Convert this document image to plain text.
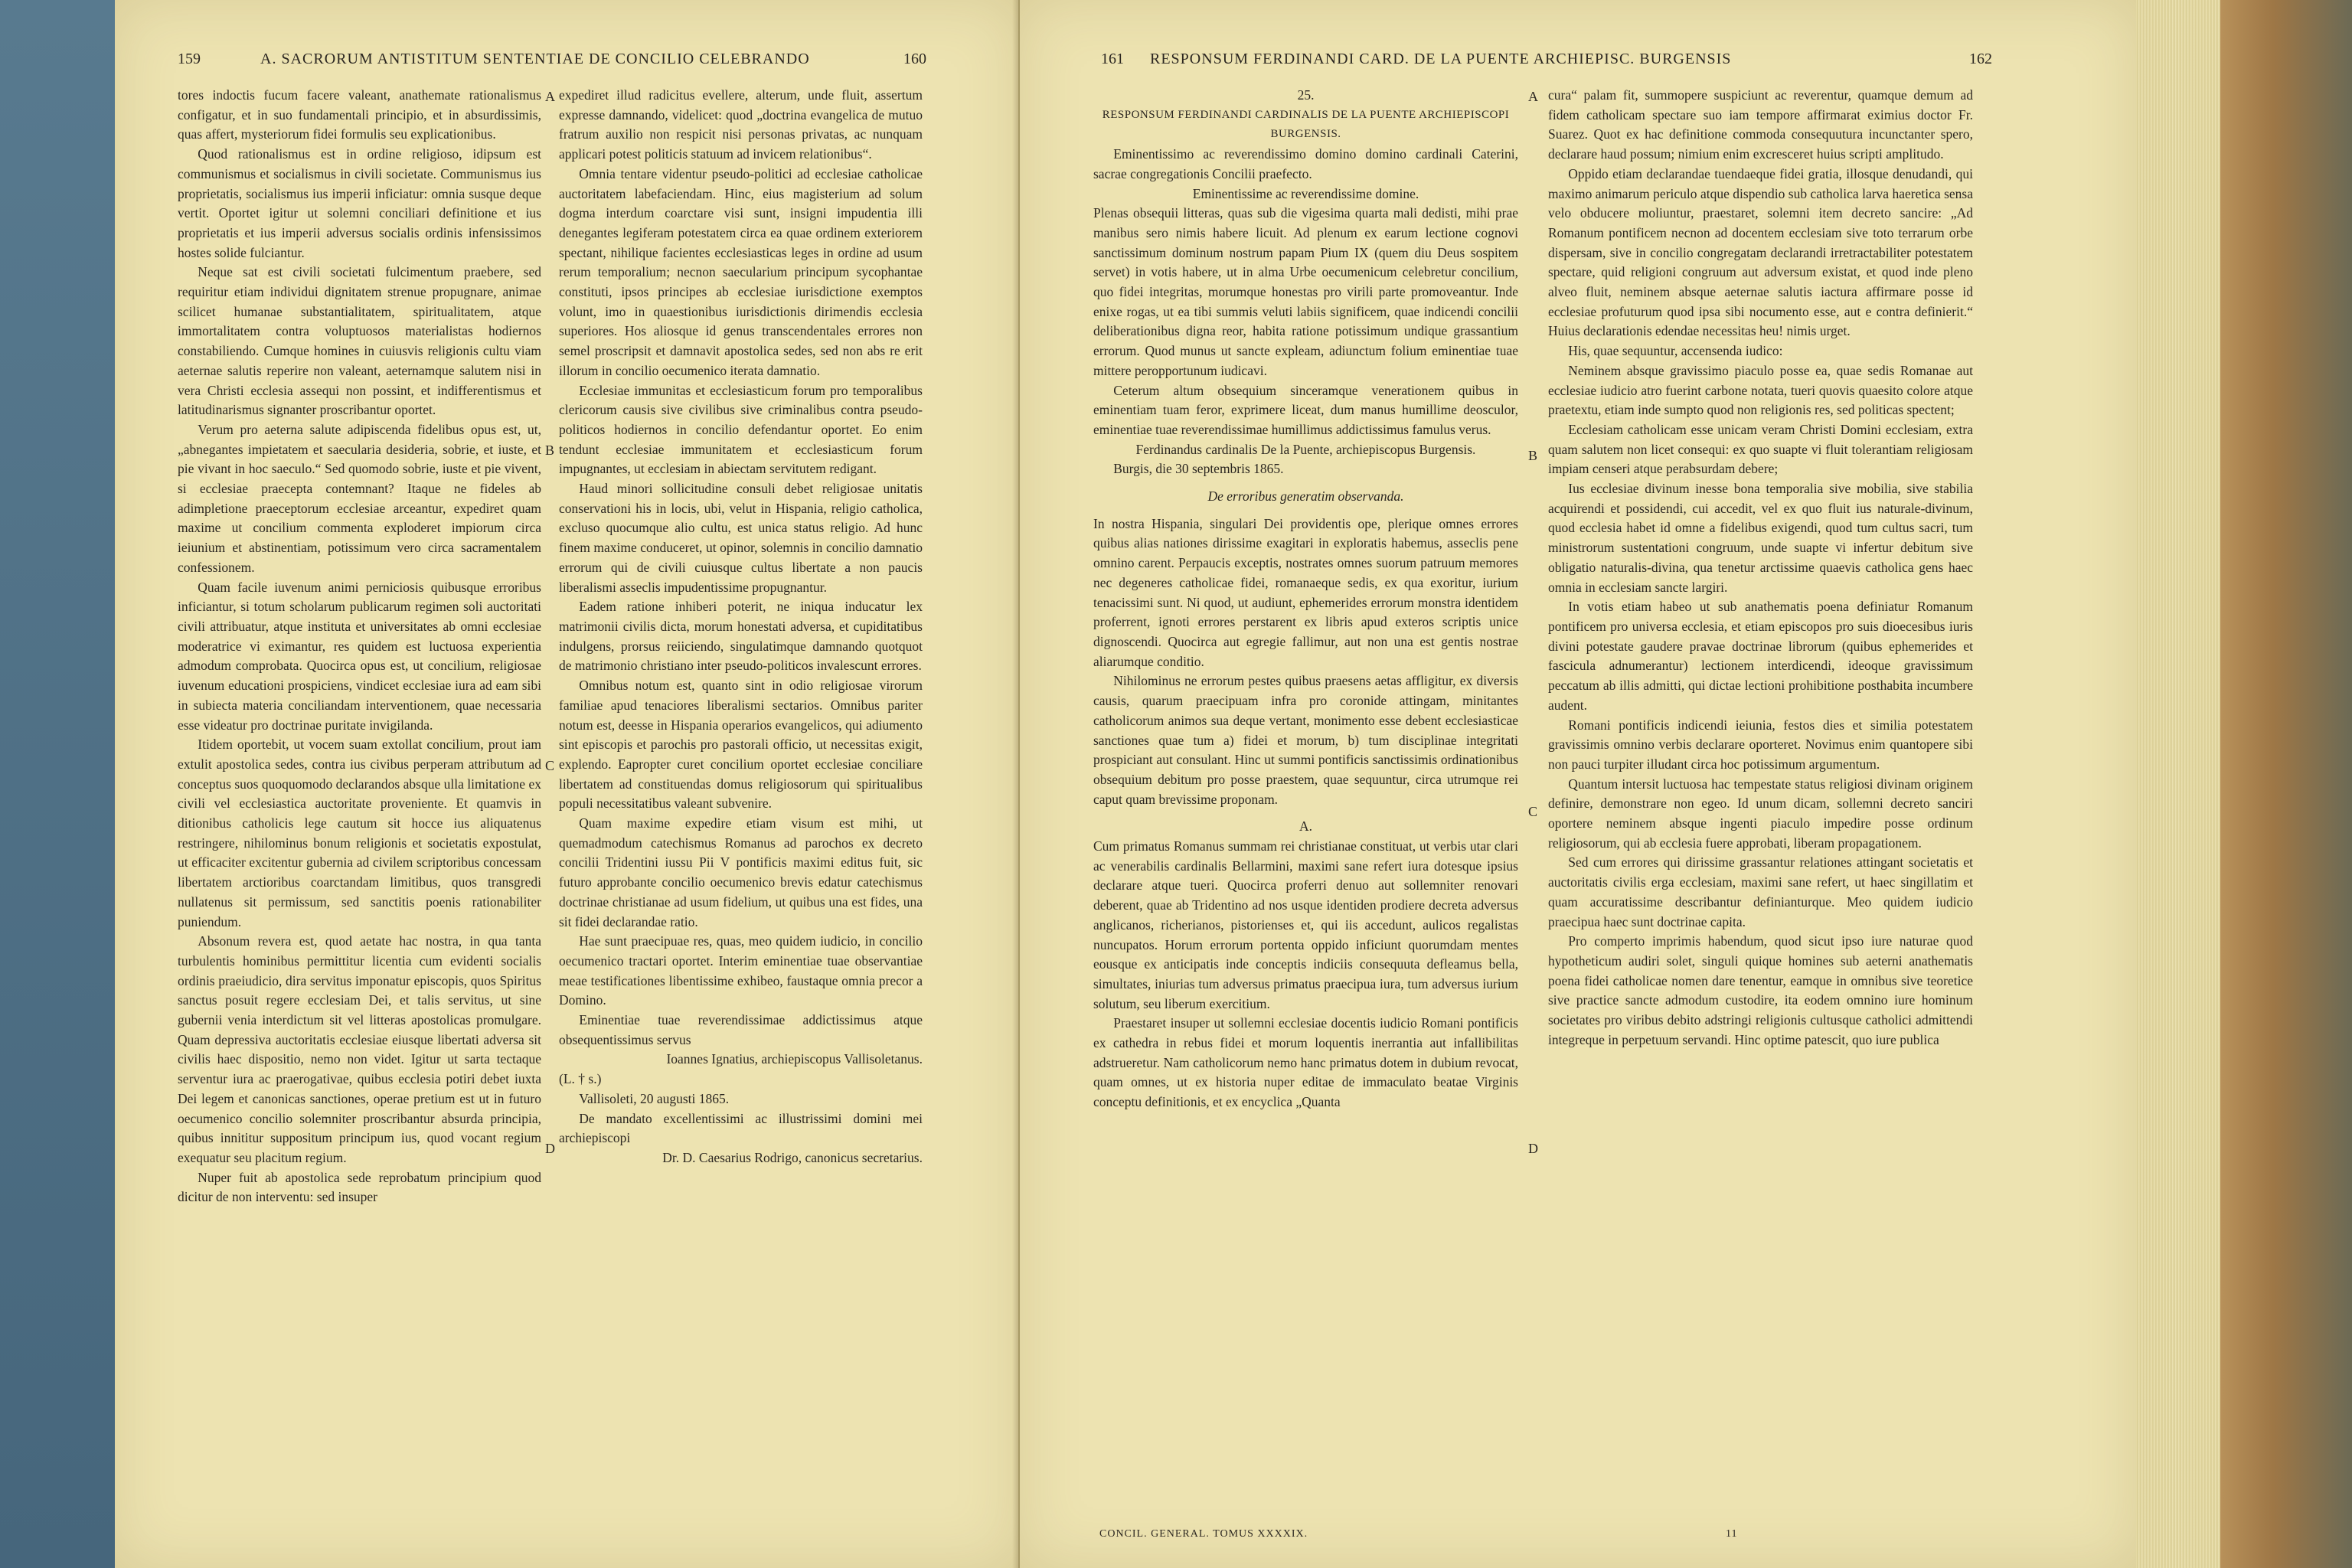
159	A. SACRORUM ANTISTITUM SENTENTIAE DE CONCILIO CELEBRANDO	160

tores indoctis fucum facere valeant, anathemate rationalismus configatur, et in suo fundamentali principio, et in absurdissimis, quas affert, mysteriorum fidei formulis seu explicationibus.

Quod rationalismus est in ordine religioso, idipsum est communismus et socialismus in civili societate. Communismus ius proprietatis, socialismus ius imperii inficiatur: omnia susque deque vertit. Oportet igitur ut solemni conciliari definitione et ius proprietatis et ius imperii adversus socialis ordinis infensissimos hostes solide fulciantur.

Neque sat est civili societati fulcimentum praebere, sed requiritur etiam individui dignitatem strenue propugnare, animae scilicet humanae substantialitatem, spiritualitatem, atque immortalitatem contra voluptuosos materialistas hodiernos constabiliendo. Cumque homines in cuiusvis religionis cultu viam aeternae salutis reperire non valeant, aeternamque salutem nisi in vera Christi ecclesia assequi non possint, et indifferentismus et latitudinarismus signanter proscribantur oportet.

Verum pro aeterna salute adipiscenda fidelibus opus est, ut, „abnegantes impietatem et saecularia desideria, sobrie, et iuste, et pie vivant in hoc saeculo.“ Sed quomodo sobrie, iuste et pie vivent, si ecclesiae praecepta contemnant? Itaque ne fideles ab adimpletione praeceptorum ecclesiae arceantur, expediret quam maxime ut concilium commenta exploderet impiorum circa ieiunium et abstinentiam, potissimum vero circa sacramentalem confessionem.

Quam facile iuvenum animi perniciosis quibusque erroribus inficiantur, si totum scholarum publicarum regimen soli auctoritati civili attribuatur, atque instituta et universitates ab omni ecclesiae moderatrice vi eximantur, res quidem est luctuosa experientia admodum comprobata. Quocirca opus est, ut concilium, religiosae iuvenum educationi prospiciens, vindicet ecclesiae iura ad eam sibi in subiecta materia conciliandam interventionem, quae necessaria esse videatur pro doctrinae puritate invigilanda.

Itidem oportebit, ut vocem suam extollat concilium, prout iam extulit apostolica sedes, contra ius civibus perperam attributum ad conceptus suos quoquomodo declarandos absque ulla limitatione ex civili vel ecclesiastica auctoritate proveniente. Et quamvis in ditionibus catholicis lege cautum sit hocce ius aliquatenus restringere, nihilominus bonum religionis et societatis expostulat, ut efficaciter excitentur gubernia ad civilem scriptoribus concessam libertatem arctioribus coarctandam limitibus, quos transgredi nullatenus sit permissum, sed sanctitis poenis rationabiliter puniendum.

Absonum revera est, quod aetate hac nostra, in qua tanta turbulentis hominibus permittitur licentia cum evidenti socialis ordinis praeiudicio, dira servitus imponatur episcopis, quos Spiritus sanctus posuit regere ecclesiam Dei, et talis servitus, ut sine gubernii venia interdictum sit vel litteras apostolicas promulgare. Quam depressiva auctoritatis ecclesiae eiusque libertati adversa sit civilis haec dispositio, nemo non videt. Igitur ut sarta tectaque serventur iura ac praerogativae, quibus ecclesia potiri debet iuxta Dei legem et canonicas sanctiones, operae pretium est ut in futuro oecumenico concilio solemniter proscribantur absurda principia, quibus innititur suppositum principum ius, quod vocant regium exequatur seu placitum regium.

Nuper fuit ab apostolica sede reprobatum principium quod dicitur de non interventu: sed insuper

A
B
C
D

expediret illud radicitus evellere, alterum, unde fluit, assertum expresse damnando, videlicet: quod „doctrina evangelica de mutuo fratrum auxilio non respicit nisi personas privatas, ac nunquam applicari potest politicis statuum ad invicem relationibus“.

Omnia tentare videntur pseudo-politici ad ecclesiae catholicae auctoritatem labefaciendam. Hinc, eius magisterium ad solum dogma interdum coarctare visi sunt, insigni impudentia illi denegantes legiferam potestatem circa ea quae ordinem exteriorem spectant, nihilique facientes ecclesiasticas leges in ordine ad usum rerum temporalium; necnon saecularium principum sycophantae constituti, ipsos principes ab ecclesiae iurisdictione exemptos volunt, imo in quaestionibus iurisdictionis dirimendis ecclesia superiores. Hos aliosque id genus transcendentales errores non semel proscripsit et damnavit apostolica sedes, sed non abs re erit illorum in concilio oecumenico iterata damnatio.

Ecclesiae immunitas et ecclesiasticum forum pro temporalibus clericorum causis sive civilibus sive criminalibus contra pseudo-politicos hodiernos in concilio defendantur oportet. Eo enim tendunt ecclesiae immunitatem et ecclesiasticum forum impugnantes, ut ecclesiam in abiectam servitutem redigant.

Haud minori sollicitudine consuli debet religiosae unitatis conservationi his in locis, ubi, velut in Hispania, religio catholica, excluso quocumque alio cultu, est unica status religio. Ad hunc finem maxime conduceret, ut opinor, solemnis in concilio damnatio errorum qui de civili cuiusque cultus libertate a non paucis liberalismi asseclis impudentissime propugnantur.

Eadem ratione inhiberi poterit, ne iniqua inducatur lex matrimonii civilis dicta, morum honestati adversa, et cupiditatibus indulgens, prorsus reiiciendo, singulatimque damnando quotquot de matrimonio christiano inter pseudo-politicos invalescunt errores.

Omnibus notum est, quanto sint in odio religiosae virorum familiae apud tenaciores liberalismi sectarios. Omnibus pariter notum est, deesse in Hispania operarios evangelicos, qui adiumento sint episcopis et parochis pro pastorali officio, ut necessitas exigit, explendo. Eapropter curet concilium oportet ecclesiae conciliare libertatem ad constituendas domus religiosorum qui spiritualibus populi necessitatibus valeant subvenire.

Quam maxime expedire etiam visum est mihi, ut quemadmodum catechismus Romanus ad parochos ex decreto concilii Tridentini iussu Pii V pontificis maximi editus fuit, sic futuro approbante concilio oecumenico brevis edatur catechismus doctrinae christianae ad usum fidelium, ut quibus una est fides, una sit fidei declarandae ratio.

Hae sunt praecipuae res, quas, meo quidem iudicio, in concilio oecumenico tractari oportet. Interim eminentiae tuae observantiae meae testificationes libentissime exhibeo, faustaque omnia precor a Domino.

Eminentiae tuae reverendissimae addictissimus atque obsequentissimus servus

Ioannes Ignatius, archiepiscopus Vallisoletanus.

(L. † s.)

Vallisoleti, 20 augusti 1865.

De mandato excellentissimi ac illustrissimi domini mei archiepiscopi

Dr. D. Caesarius Rodrigo, canonicus secretarius.

161 RESPONSUM FERDINANDI CARD. DE LA PUENTE ARCHIEPISC. BURGENSIS	162

25.

RESPONSUM FERDINANDI CARDINALIS DE LA PUENTE ARCHIEPISCOPI BURGENSIS.

Eminentissimo ac reverendissimo domino domino cardinali Caterini, sacrae congregationis Concilii praefecto.

Eminentissime ac reverendissime domine.

Plenas obsequii litteras, quas sub die vigesima quarta mali dedisti, mihi prae manibus sero nimis habere licuit. Ad plenum ex earum lectione cognovi sanctissimum dominum nostrum papam Pium IX (quem diu Deus sospitem servet) in votis habere, ut in alma Urbe oecumenicum celebretur concilium, quo fidei integritas, morumque honestas pro virili parte promoveantur. Inde enixe rogas, ut ea tibi summis veluti labiis significem, quae indicendi concilii deliberationibus digna reor, habita ratione potissimum undique grassantium errorum. Quod munus ut sancte expleam, adiunctum folium eminentiae tuae mittere peropportunum iudicavi.

Ceterum altum obsequium sinceramque venerationem quibus in eminentiam tuam feror, exprimere liceat, dum manus humillime deosculor, eminentiae tuae reverendissimae humillimus addictissimus famulus verus.

Ferdinandus cardinalis De la Puente, archiepiscopus Burgensis.

Burgis, die 30 septembris 1865.

De erroribus generatim observanda.

In nostra Hispania, singulari Dei providentis ope, plerique omnes errores quibus alias nationes dirissime exagitari in exploratis habemus, asseclis pene omnino carent. Perpaucis exceptis, nostrates omnes suorum patruum memores nec degeneres catholicae fidei, romanaeque sedis, ex qua exoritur, iurium tenacissimi sunt. Ni quod, ut audiunt, ephemerides errorum monstra identidem proferrent, ignoti errores perstarent ex libris apud exteros scriptis unice dignoscendi. Quocirca aut egregie fallimur, aut non una est gentis nostrae aliarumque conditio.

Nihilominus ne errorum pestes quibus praesens aetas affligitur, ex diversis causis, quarum praecipuam infra pro coronide attingam, minitantes catholicorum animos sua deque vertant, monimento esse debent ecclesiasticae sanctiones quae tum a) fidei et morum, b) tum disciplinae integritati prospiciant aut consulant. Hinc ut summi pontificis sanctissimis ordinationibus obsequium debitum pro posse praestem, quae sequuntur, circa utrumque rei caput quam brevissime proponam.

A.

Cum primatus Romanus summam rei christianae constituat, ut verbis utar clari ac venerabilis cardinalis Bellarmini, maximi sane refert iura dotesque ipsius declarare atque tueri. Quocirca proferri denuo aut sollemniter renovari deberent, quae ab Tridentino ad nos usque identiden prodiere decreta adversus anglicanos, richerianos, pistorienses et, qui iis accedunt, aulicos regalistas nuncupatos. Horum errorum portenta oppido inficiunt quorumdam mentes eousque ex anticipatis inde conceptis indiciis consequuta defleamus bella, simultates, iniurias tum adversus primatus praecipua iura, tum adversus iurium solutum, seu liberum exercitium.

Praestaret insuper ut sollemni ecclesiae docentis iudicio Romani pontificis ex cathedra in rebus fidei et morum loquentis inerrantia aut infallibilitas adstrueretur. Nam catholicorum nemo hanc primatus dotem in dubium revocat, quam omnes, ut ex historia nuper editae de immaculato beatae Virginis conceptu definitionis, et ex encyclica „Quanta

A
B
C
D

cura“ palam fit, summopere suspiciunt ac reverentur, quamque demum ad fidem catholicam spectare suo iam tempore affirmarat eximius doctor Fr. Suarez. Quot ex hac definitione commoda consequutura incunctanter spero, declarare haud possum; nimium enim excresceret huius scripti amplitudo.

Oppido etiam declarandae tuendaeque fidei gratia, illosque denudandi, qui maximo animarum periculo atque dispendio sub catholica larva haeretica sensa velo obducere moliuntur, praestaret, solemni item decreto sancire: „Ad Romanum pontificem necnon ad docentem ecclesiam sive toto terrarum orbe dispersam, sive in concilio congregatam declarandi irretractabiliter potestatem spectare, quid religioni congruum aut adversum existat, et quod inde pleno alveo fluit, neminem absque aeternae salutis iactura affirmare posse id ecclesiae profuturum quod ipsa sibi nocumento esse, aut e contra definierit.“ Huius declarationis edendae necessitas heu! nimis urget.

His, quae sequuntur, accensenda iudico:

Neminem absque gravissimo piaculo posse ea, quae sedis Romanae aut ecclesiae iudicio atro fuerint carbone notata, tueri quovis quaesito colore atque praetextu, etiam inde sumpto quod non religionis res, sed politicas spectent;

Ecclesiam catholicam esse unicam veram Christi Domini ecclesiam, extra quam salutem non licet consequi: ex quo suapte vi fluit tolerantiam religiosam impiam censeri atque perabsurdam debere;

Ius ecclesiae divinum inesse bona temporalia sive mobilia, sive stabilia acquirendi et possidendi, cui accedit, vel ex quo fluit ius naturale-divinum, quod ecclesia habet id omne a fidelibus exigendi, quod tum cultus sacri, tum ministrorum sustentationi congruum, unde suapte vi infertur debitum sive obligatio naturalis-divina, qua tenetur arctissime quaevis catholica gens haec omnia in ecclesiam sancte largiri.

In votis etiam habeo ut sub anathematis poena definiatur Romanum pontificem pro universa ecclesia, et etiam episcopos pro suis dioecesibus iuris divini potestate gaudere pravae doctrinae librorum (quibus ephemerides et fascicula adnumerantur) lectionem interdicendi, ideoque gravissimum peccatum ab illis admitti, qui dictae lectioni prohibitione posthabita incumbere audent.

Romani pontificis indicendi ieiunia, festos dies et similia potestatem gravissimis omnino verbis declarare oporteret. Novimus enim quantopere sibi non pauci turpiter illudant circa hoc potissimum argumentum.

Quantum intersit luctuosa hac tempestate status religiosi divinam originem definire, demonstrare non egeo. Id unum dicam, sollemni decreto sanciri oportere neminem absque ingenti piaculo impedire posse ordinum religiosorum, qui ab ecclesia fuere approbati, liberam propagationem.

Sed cum errores qui dirissime grassantur relationes attingant societatis et auctoritatis civilis erga ecclesiam, maximi sane refert, ut haec singillatim et quam accuratissime describantur definianturque. Meo quidem iudicio praecipua haec sunt doctrinae capita.

Pro comperto imprimis habendum, quod sicut ipso iure naturae quod hypotheticum audiri solet, singuli quique homines sub aeterni anathematis poena fidei catholicae nomen dare tenentur, eamque in omnibus sive teoretice sive practice sancte admodum custodire, ita eodem omnino iure hominum societates pro viribus debito adstringi religionis cultusque catholici admittendi integreque in perpetuum servandi. Hinc optime patescit, quo iure publica

CONCIL. GENERAL. TOMUS XXXXIX.	11
